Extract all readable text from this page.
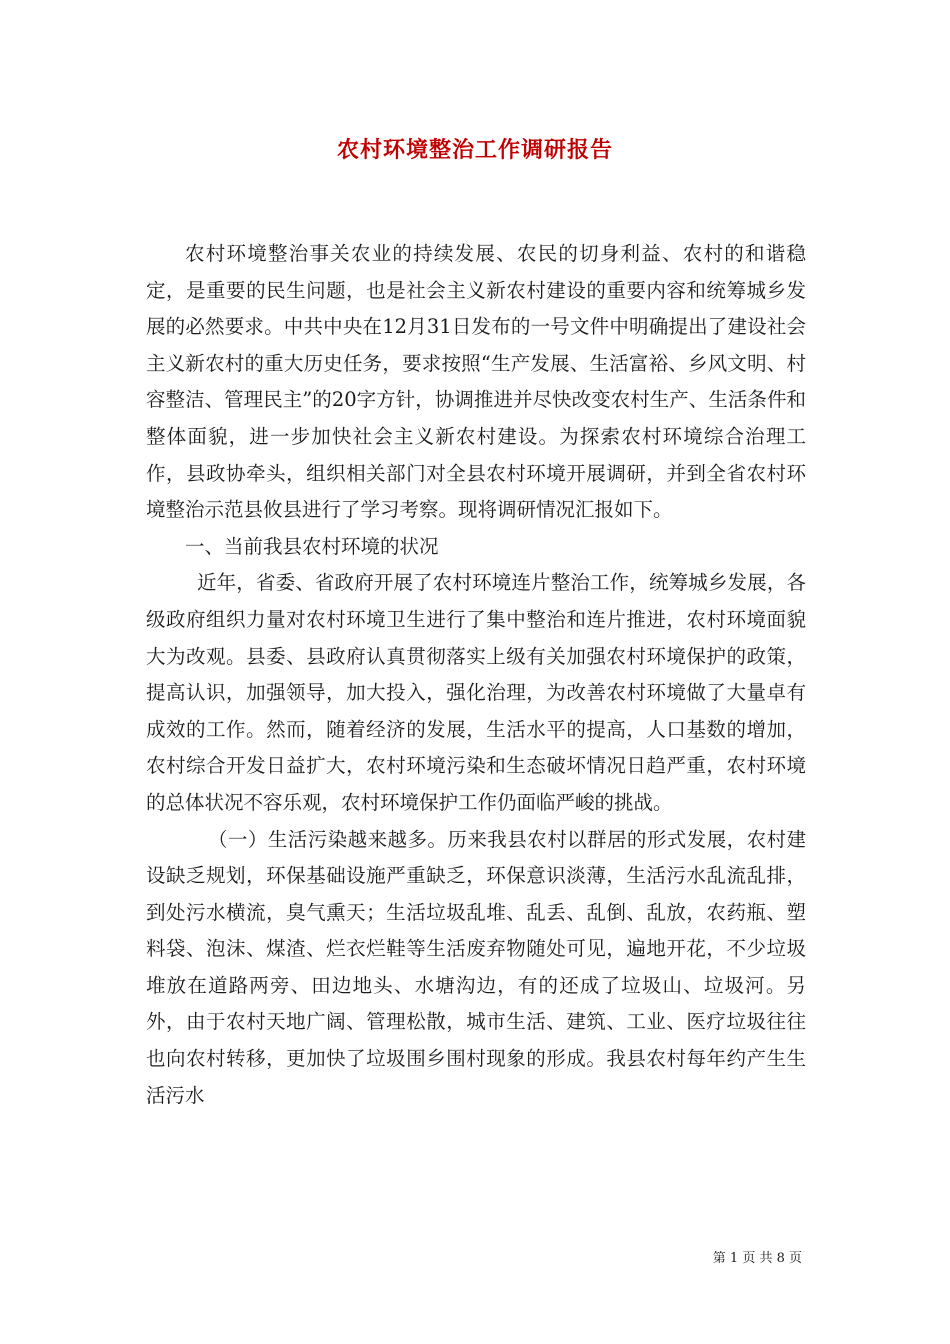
农村环境整治工作调研报告

农村环境整治事关农业的持续发展、农民的切身利益、农村的和谐稳定，是重要的民生问题，也是社会主义新农村建设的重要内容和统筹城乡发展的必然要求。中共中央在12月31日发布的一号文件中明确提出了建设社会主义新农村的重大历史任务，要求按照“生产发展、生活富裕、乡风文明、村容整洁、管理民主”的20字方针，协调推进并尽快改变农村生产、生活条件和整体面貌，进一步加快社会主义新农村建设。为探索农村环境综合治理工作，县政协牵头，组织相关部门对全县农村环境开展调研，并到全省农村环境整治示范县攸县进行了学习考察。现将调研情况汇报如下。

一、当前我县农村环境的状况

近年，省委、省政府开展了农村环境连片整治工作，统筹城乡发展，各级政府组织力量对农村环境卫生进行了集中整治和连片推进，农村环境面貌大为改观。县委、县政府认真贯彻落实上级有关加强农村环境保护的政策，提高认识，加强领导，加大投入，强化治理，为改善农村环境做了大量卓有成效的工作。然而，随着经济的发展，生活水平的提高，人口基数的增加，农村综合开发日益扩大，农村环境污染和生态破坏情况日趋严重，农村环境的总体状况不容乐观，农村环境保护工作仍面临严峻的挑战。

（一）生活污染越来越多。历来我县农村以群居的形式发展，农村建设缺乏规划，环保基础设施严重缺乏，环保意识淡薄，生活污水乱流乱排，到处污水横流，臭气熏天；生活垃圾乱堆、乱丢、乱倒、乱放，农药瓶、塑料袋、泡沫、煤渣、烂衣烂鞋等生活废弃物随处可见，遍地开花，不少垃圾堆放在道路两旁、田边地头、水塘沟边，有的还成了垃圾山、垃圾河。另外，由于农村天地广阔、管理松散，城市生活、建筑、工业、医疗垃圾往往也向农村转移，更加快了垃圾围乡围村现象的形成。我县农村每年约产生生活污水

第 1 页 共 8 页
